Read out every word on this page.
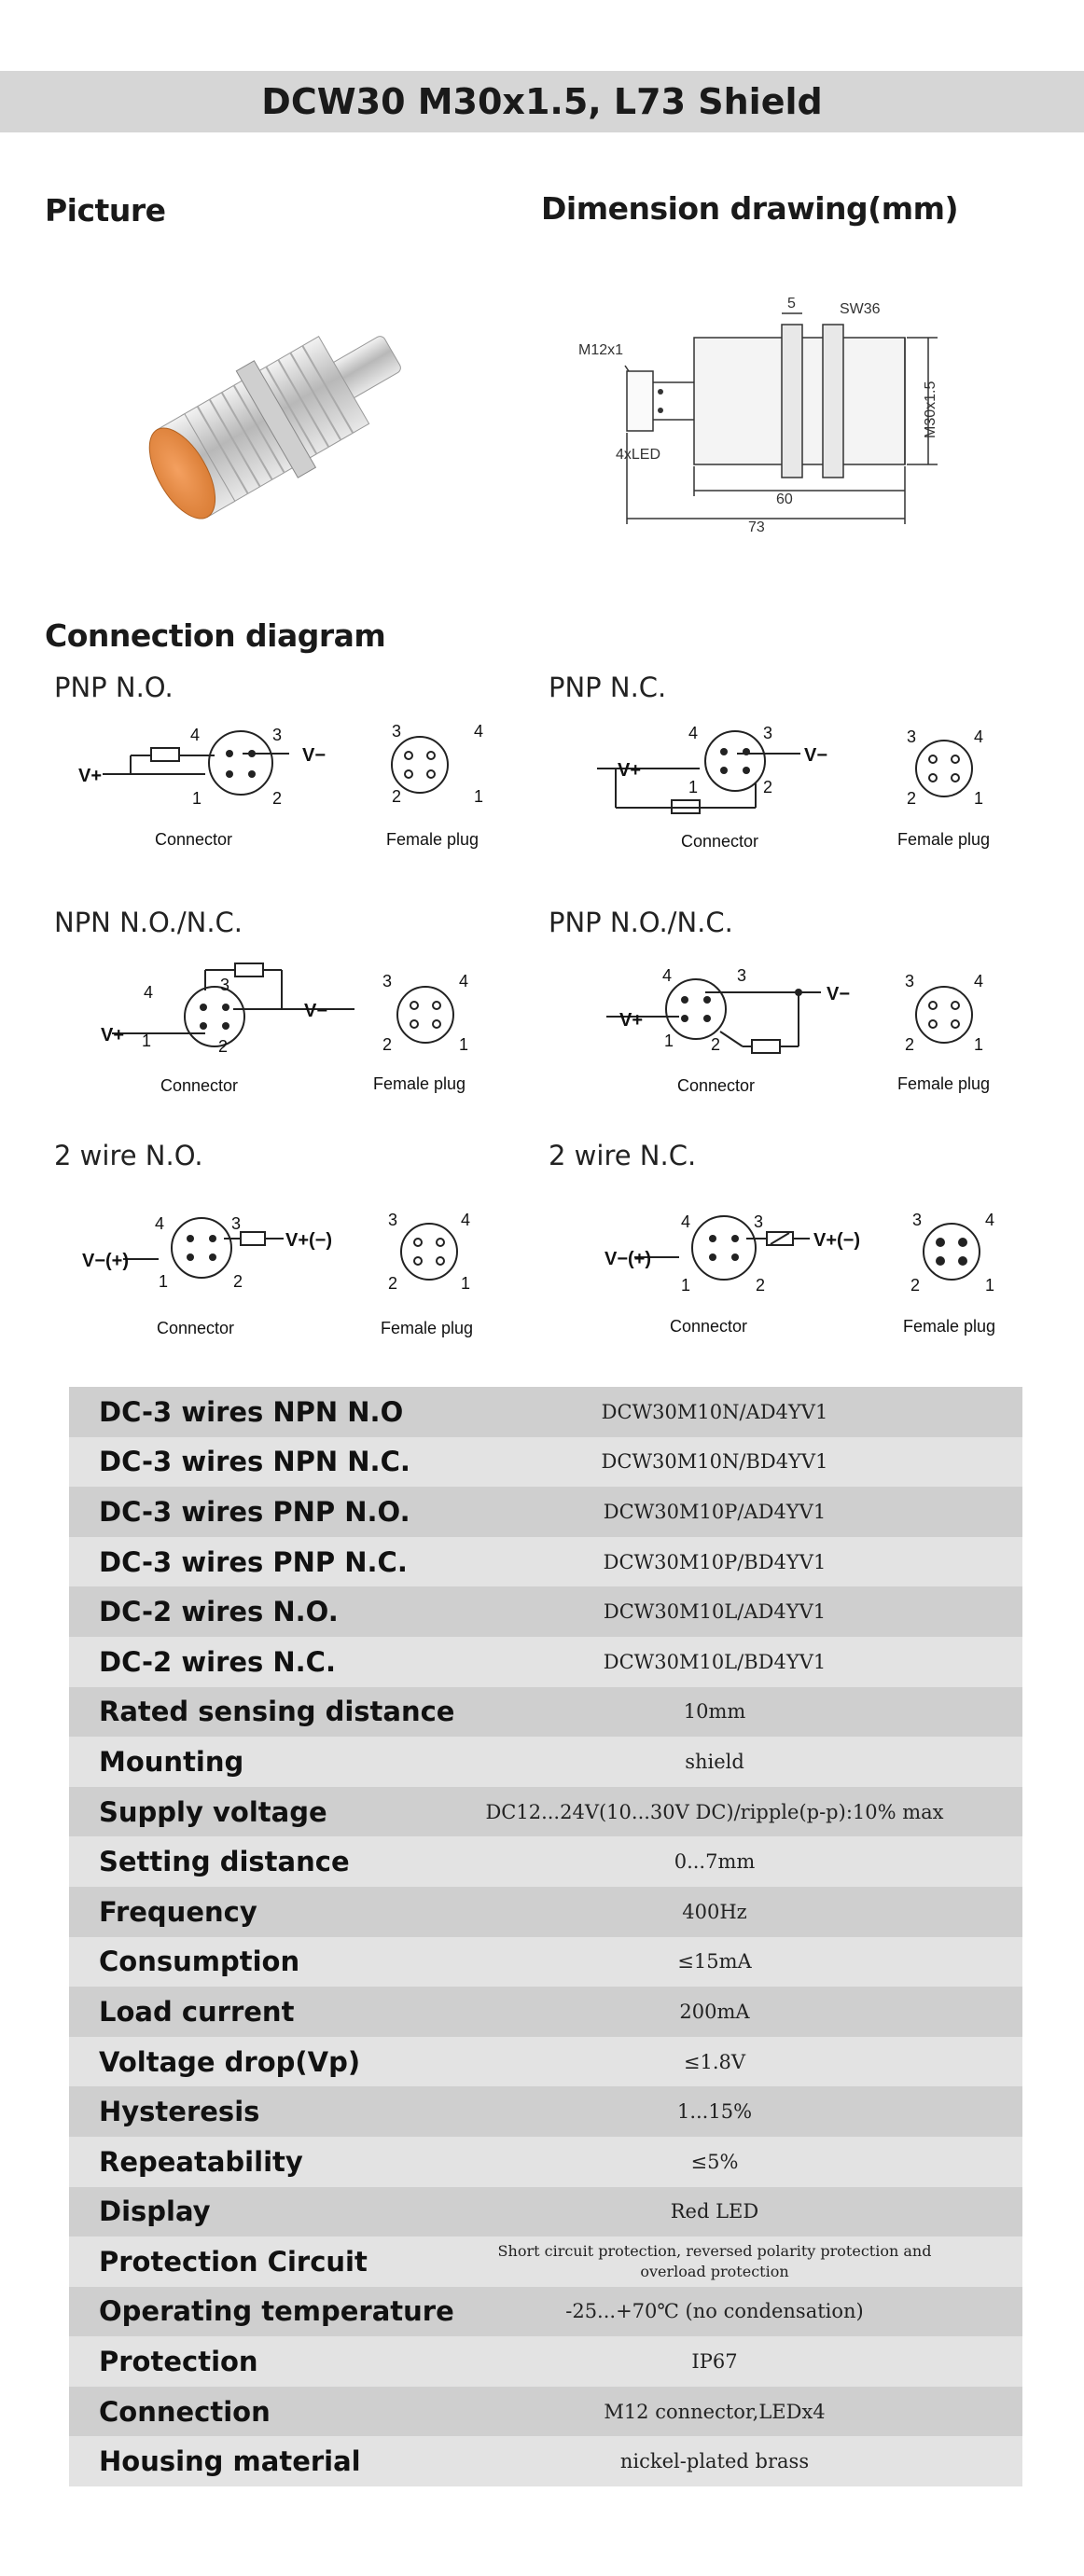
DCW30 M30x1.5, L73 Shield
Picture	Dimension drawing(mm)
Connection diagram
M12x1
4xLED
5	SW36
M30x1.5
60
73
PNP N.O.	PNP N.C.
NPN N.O./N.C.	PNP N.O./N.C.
2 wire N.O.	2 wire N.C.
V+
V−
4	3
1	2
Connector
3	4
2	1
Female plug
V+
V−
4	3
1	2
Connector
3	4
2	1
Female plug
V+
V−
4	3
1	2
Connector
3	4
2	1
Female plug
V+
V−
4	3
1 2
Connector
3	4
2	1
Female plug
V−(+)
V+(−)
4	3
1	2
Connector
3	4
2	1
Female plug
V−(+)
V+(−)
4	3
1	2
Connector
3	4
2	1
Female plug
DC-3 wires NPN N.O	DCW30M10N/AD4YV1
DC-3 wires NPN N.C.	DCW30M10N/BD4YV1
DC-3 wires PNP N.O.	DCW30M10P/AD4YV1
DC-3 wires PNP N.C.	DCW30M10P/BD4YV1
DC-2 wires N.O.	DCW30M10L/AD4YV1
DC-2 wires N.C.	DCW30M10L/BD4YV1
Rated sensing distance	10mm
Mounting	shield
Supply voltage	DC12...24V(10...30V DC)/ripple(p-p):10% max
Setting distance	0...7mm
Frequency	400Hz
Consumption	≤15mA
Load current	200mA
Voltage drop(Vp)	≤1.8V
Hysteresis	1...15%
Repeatability	≤5%
Display	Red LED
Protection Circuit	Short circuit protection, reversed polarity protection and overload protection
Operating temperature	-25...+70℃ (no condensation)
Protection	IP67
Connection	M12 connector,LEDx4
Housing material	nickel-plated brass
